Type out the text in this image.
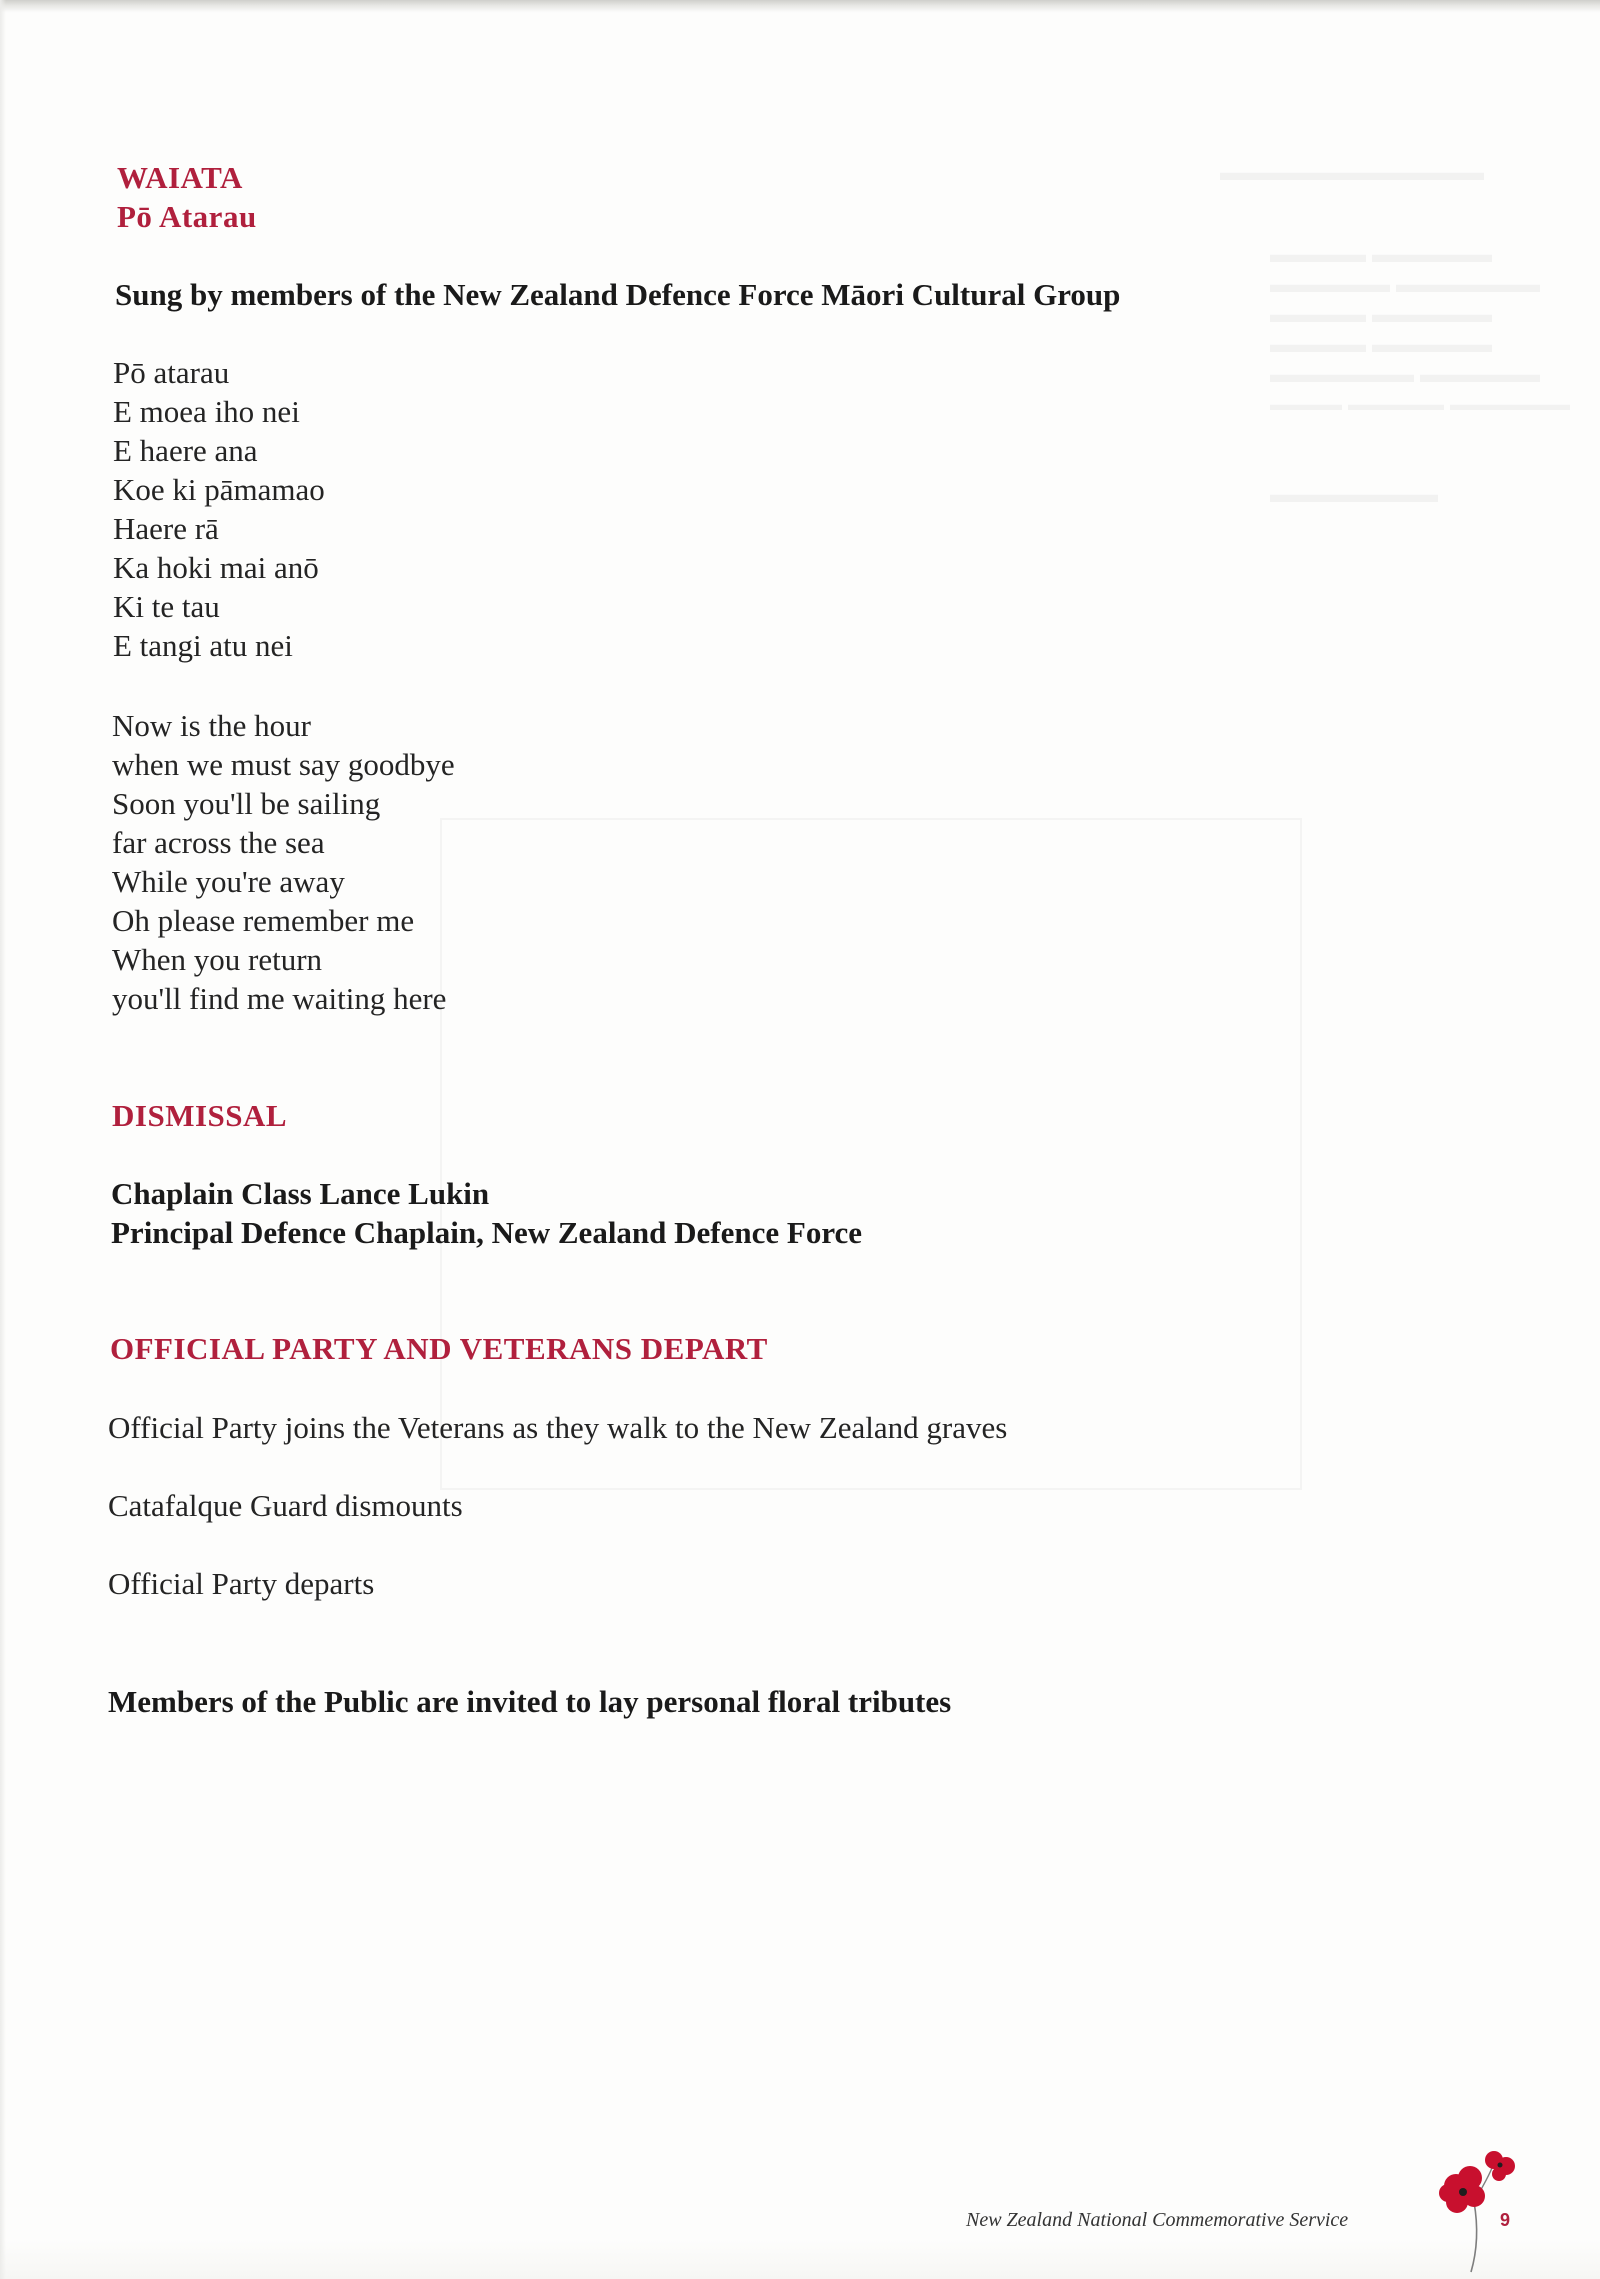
WAIATA
Pō Atarau
Sung by members of the New Zealand Defence Force Māori Cultural Group
Pō atarau
E moea iho nei
E haere ana
Koe ki pāmamao
Haere rā
Ka hoki mai anō
Ki te tau
E tangi atu nei
Now is the hour
when we must say goodbye
Soon you'll be sailing
far across the sea
While you're away
Oh please remember me
When you return
you'll find me waiting here
DISMISSAL
Chaplain Class Lance Lukin
Principal Defence Chaplain, New Zealand Defence Force
OFFICIAL PARTY AND VETERANS DEPART
Official Party joins the Veterans as they walk to the New Zealand graves
Catafalque Guard dismounts
Official Party departs
Members of the Public are invited to lay personal floral tributes
New Zealand National Commemorative Service	9
